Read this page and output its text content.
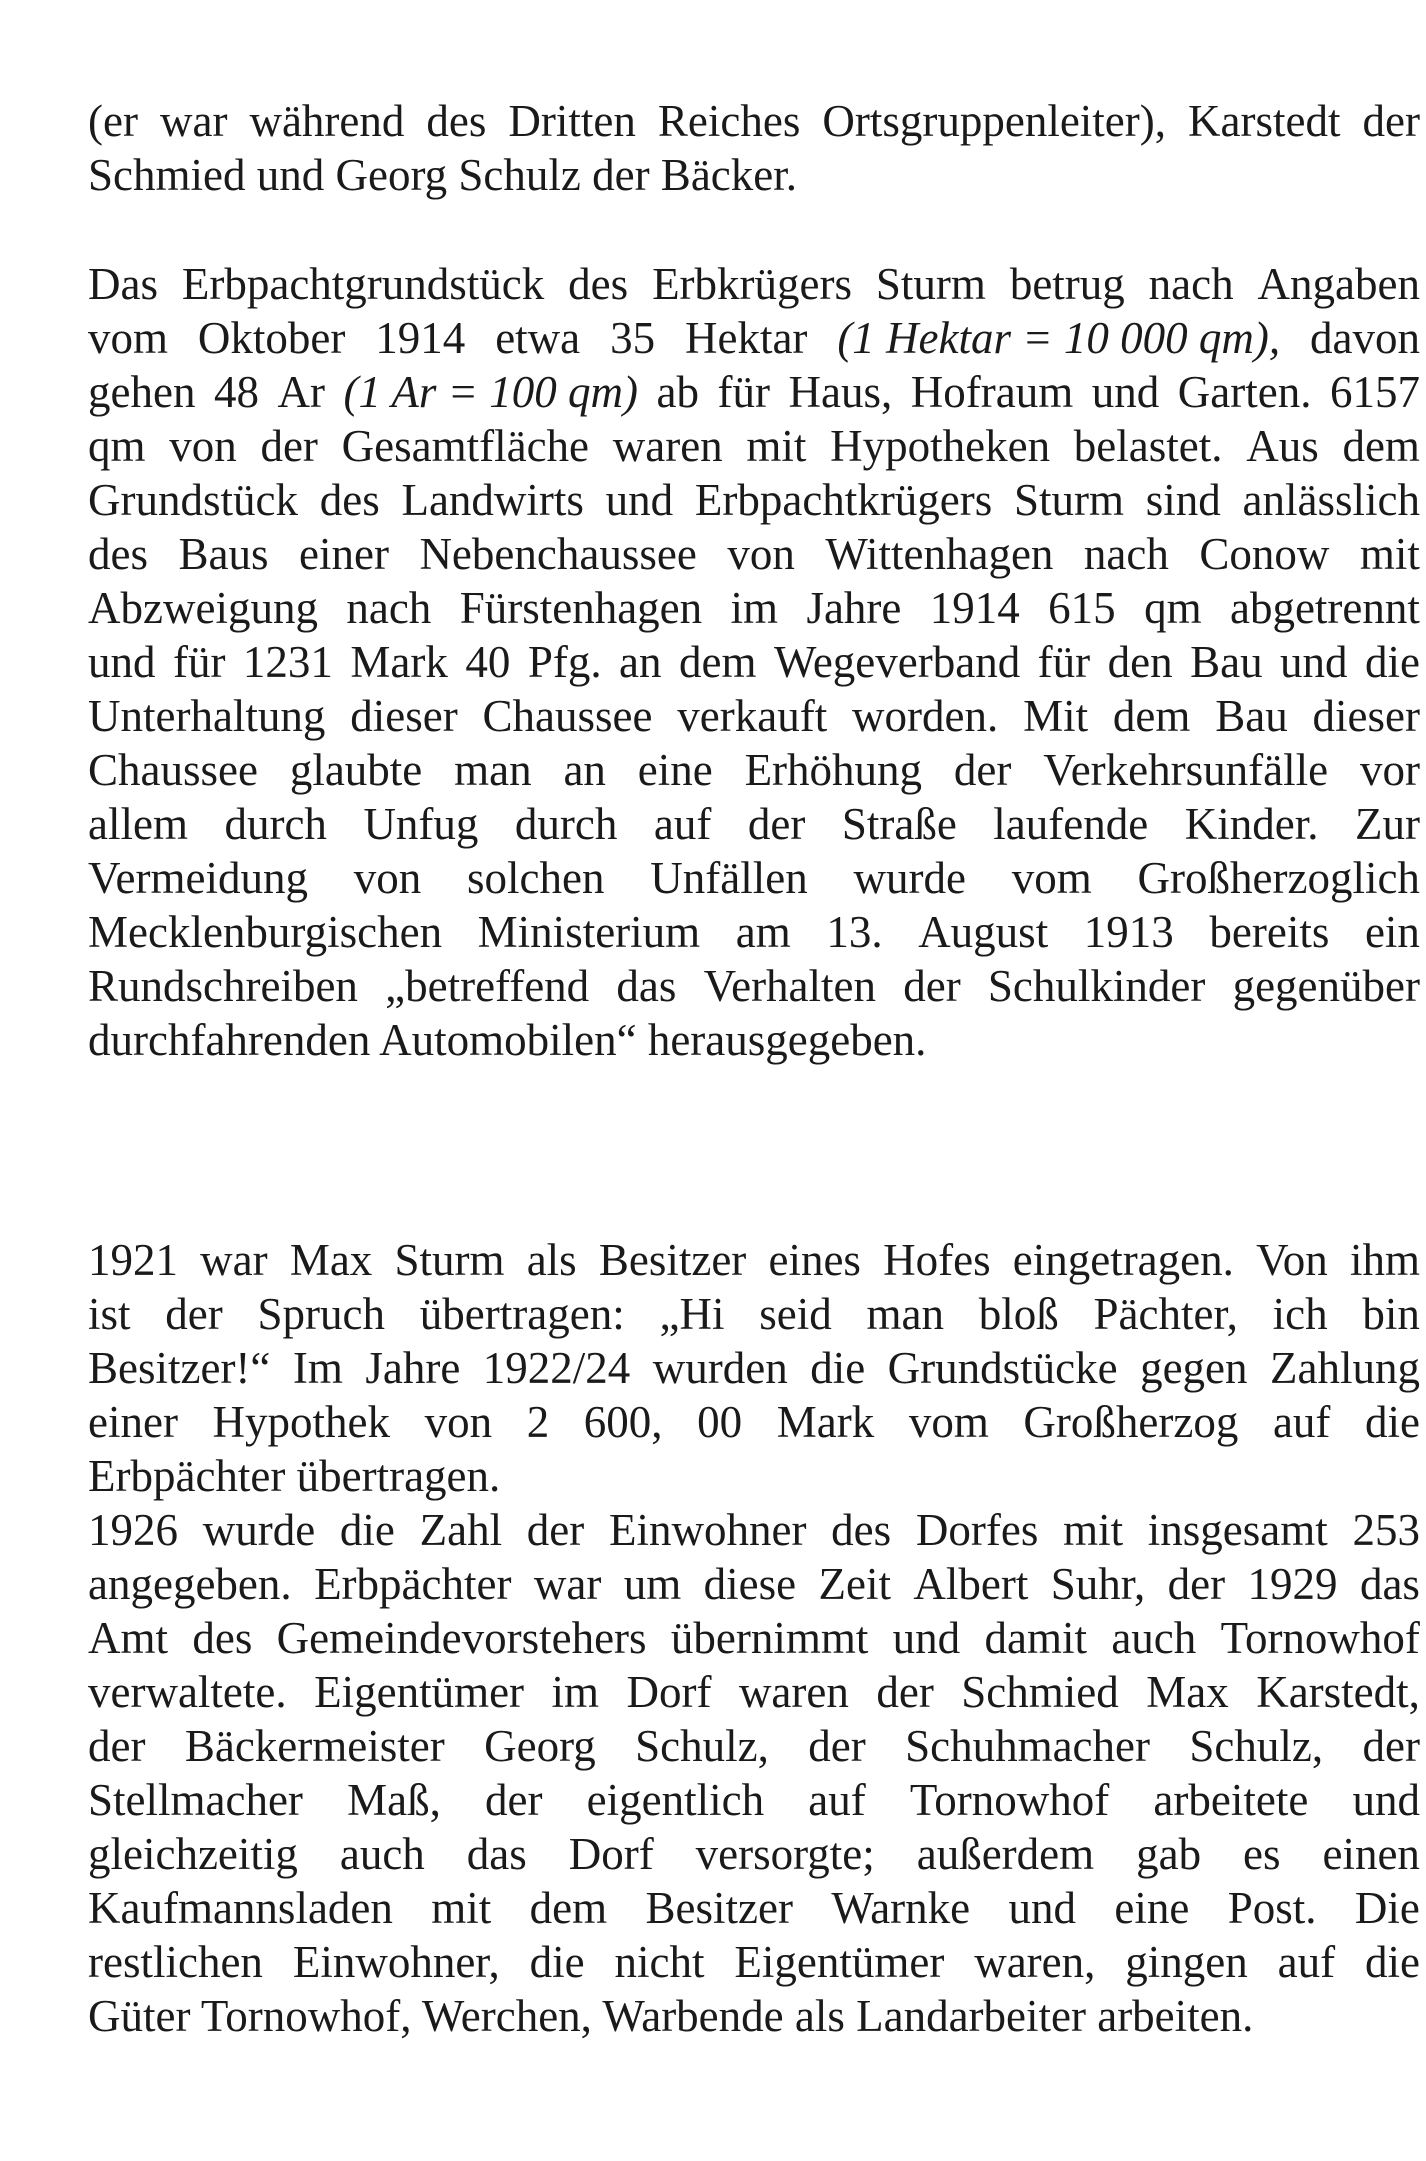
(er war während des Dritten Reiches Ortsgruppenleiter), Karstedt der
Schmied und Georg Schulz der Bäcker.
Das Erbpachtgrundstück des Erbkrügers Sturm betrug nach Angaben
vom Oktober 1914 etwa 35 Hektar (1 Hektar = 10 000 qm), davon
gehen 48 Ar (1 Ar = 100 qm) ab für Haus, Hofraum und Garten. 6157
qm von der Gesamtfläche waren mit Hypotheken belastet. Aus dem
Grundstück des Landwirts und Erbpachtkrügers Sturm sind anlässlich
des Baus einer Nebenchaussee von Wittenhagen nach Conow mit
Abzweigung nach Fürstenhagen im Jahre 1914 615 qm abgetrennt
und für 1231 Mark 40 Pfg. an dem Wegeverband für den Bau und die
Unterhaltung dieser Chaussee verkauft worden. Mit dem Bau dieser
Chaussee glaubte man an eine Erhöhung der Verkehrsunfälle vor
allem durch Unfug durch auf der Straße laufende Kinder. Zur
Vermeidung von solchen Unfällen wurde vom Großherzoglich
Mecklenburgischen Ministerium am 13. August 1913 bereits ein
Rundschreiben „betreffend das Verhalten der Schulkinder gegenüber
durchfahrenden Automobilen“ herausgegeben.
1921 war Max Sturm als Besitzer eines Hofes eingetragen. Von ihm
ist der Spruch übertragen: „Hi seid man bloß Pächter, ich bin
Besitzer!“ Im Jahre 1922/24 wurden die Grundstücke gegen Zahlung
einer Hypothek von 2 600, 00 Mark vom Großherzog auf die
Erbpächter übertragen.
1926 wurde die Zahl der Einwohner des Dorfes mit insgesamt 253
angegeben. Erbpächter war um diese Zeit Albert Suhr, der 1929 das
Amt des Gemeindevorstehers übernimmt und damit auch Tornowhof
verwaltete. Eigentümer im Dorf waren der Schmied Max Karstedt,
der Bäckermeister Georg Schulz, der Schuhmacher Schulz, der
Stellmacher Maß, der eigentlich auf Tornowhof arbeitete und
gleichzeitig auch das Dorf versorgte; außerdem gab es einen
Kaufmannsladen mit dem Besitzer Warnke und eine Post. Die
restlichen Einwohner, die nicht Eigentümer waren, gingen auf die
Güter Tornowhof, Werchen, Warbende als Landarbeiter arbeiten.
